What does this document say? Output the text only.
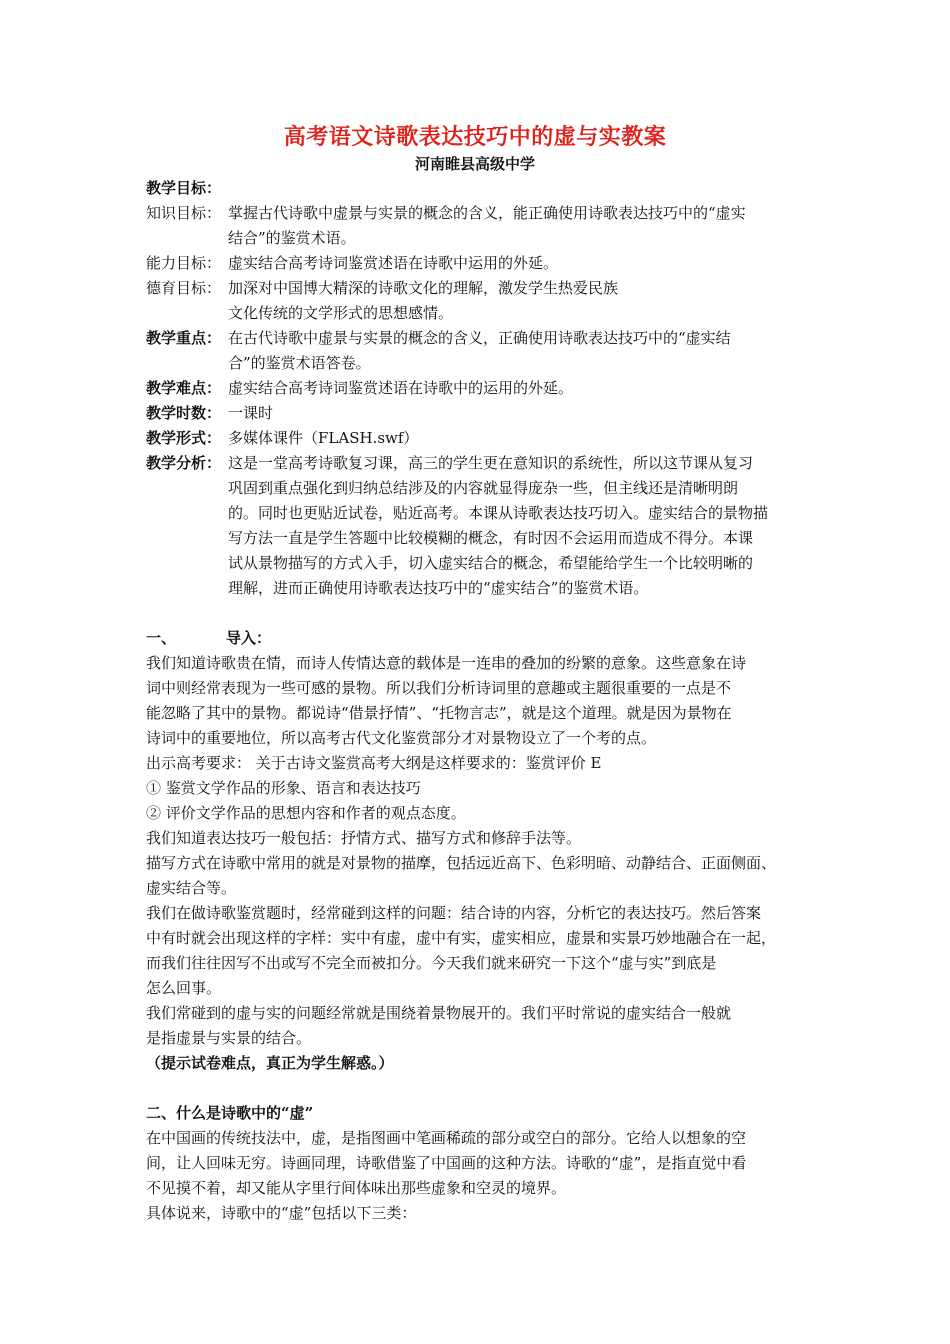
高考语文诗歌表达技巧中的虚与实教案
河南睢县高级中学
教学目标：
知识目标： 掌握古代诗歌中虚景与实景的概念的含义，能正确使用诗歌表达技巧中的“虚实
结合”的鉴赏术语。
能力目标： 虚实结合高考诗词鉴赏述语在诗歌中运用的外延。
德育目标： 加深对中国博大精深的诗歌文化的理解，激发学生热爱民族
文化传统的文学形式的思想感情。
教学重点： 在古代诗歌中虚景与实景的概念的含义，正确使用诗歌表达技巧中的“虚实结
合”的鉴赏术语答卷。
教学难点： 虚实结合高考诗词鉴赏述语在诗歌中的运用的外延。
教学时数： 一课时
教学形式： 多媒体课件（FLASH.swf）
教学分析： 这是一堂高考诗歌复习课，高三的学生更在意知识的系统性，所以这节课从复习
巩固到重点强化到归纳总结涉及的内容就显得庞杂一些，但主线还是清晰明朗
的。同时也更贴近试卷，贴近高考。本课从诗歌表达技巧切入。虚实结合的景物描
写方法一直是学生答题中比较模糊的概念，有时因不会运用而造成不得分。本课
试从景物描写的方式入手，切入虚实结合的概念，希望能给学生一个比较明晰的
理解，进而正确使用诗歌表达技巧中的“虚实结合”的鉴赏术语。
一、	导入：
我们知道诗歌贵在情，而诗人传情达意的载体是一连串的叠加的纷繁的意象。这些意象在诗
词中则经常表现为一些可感的景物。所以我们分析诗词里的意趣或主题很重要的一点是不
能忽略了其中的景物。都说诗“借景抒情”、“托物言志”，就是这个道理。就是因为景物在
诗词中的重要地位，所以高考古代文化鉴赏部分才对景物设立了一个考的点。
出示高考要求： 关于古诗文鉴赏高考大纲是这样要求的：鉴赏评价 E
① 鉴赏文学作品的形象、语言和表达技巧
② 评价文学作品的思想内容和作者的观点态度。
我们知道表达技巧一般包括：抒情方式、描写方式和修辞手法等。
描写方式在诗歌中常用的就是对景物的描摩，包括远近高下、色彩明暗、动静结合、正面侧面、
虚实结合等。
我们在做诗歌鉴赏题时，经常碰到这样的问题：结合诗的内容，分析它的表达技巧。然后答案
中有时就会出现这样的字样：实中有虚，虚中有实，虚实相应，虚景和实景巧妙地融合在一起，
而我们往往因写不出或写不完全而被扣分。今天我们就来研究一下这个“虚与实”到底是
怎么回事。
我们常碰到的虚与实的问题经常就是围绕着景物展开的。我们平时常说的虚实结合一般就
是指虚景与实景的结合。
（提示试卷难点，真正为学生解惑。）
二、什么是诗歌中的“虚”
在中国画的传统技法中，虚，是指图画中笔画稀疏的部分或空白的部分。它给人以想象的空
间，让人回味无穷。诗画同理，诗歌借鉴了中国画的这种方法。诗歌的“虚”，是指直觉中看
不见摸不着，却又能从字里行间体味出那些虚象和空灵的境界。
具体说来，诗歌中的“虚”包括以下三类：
